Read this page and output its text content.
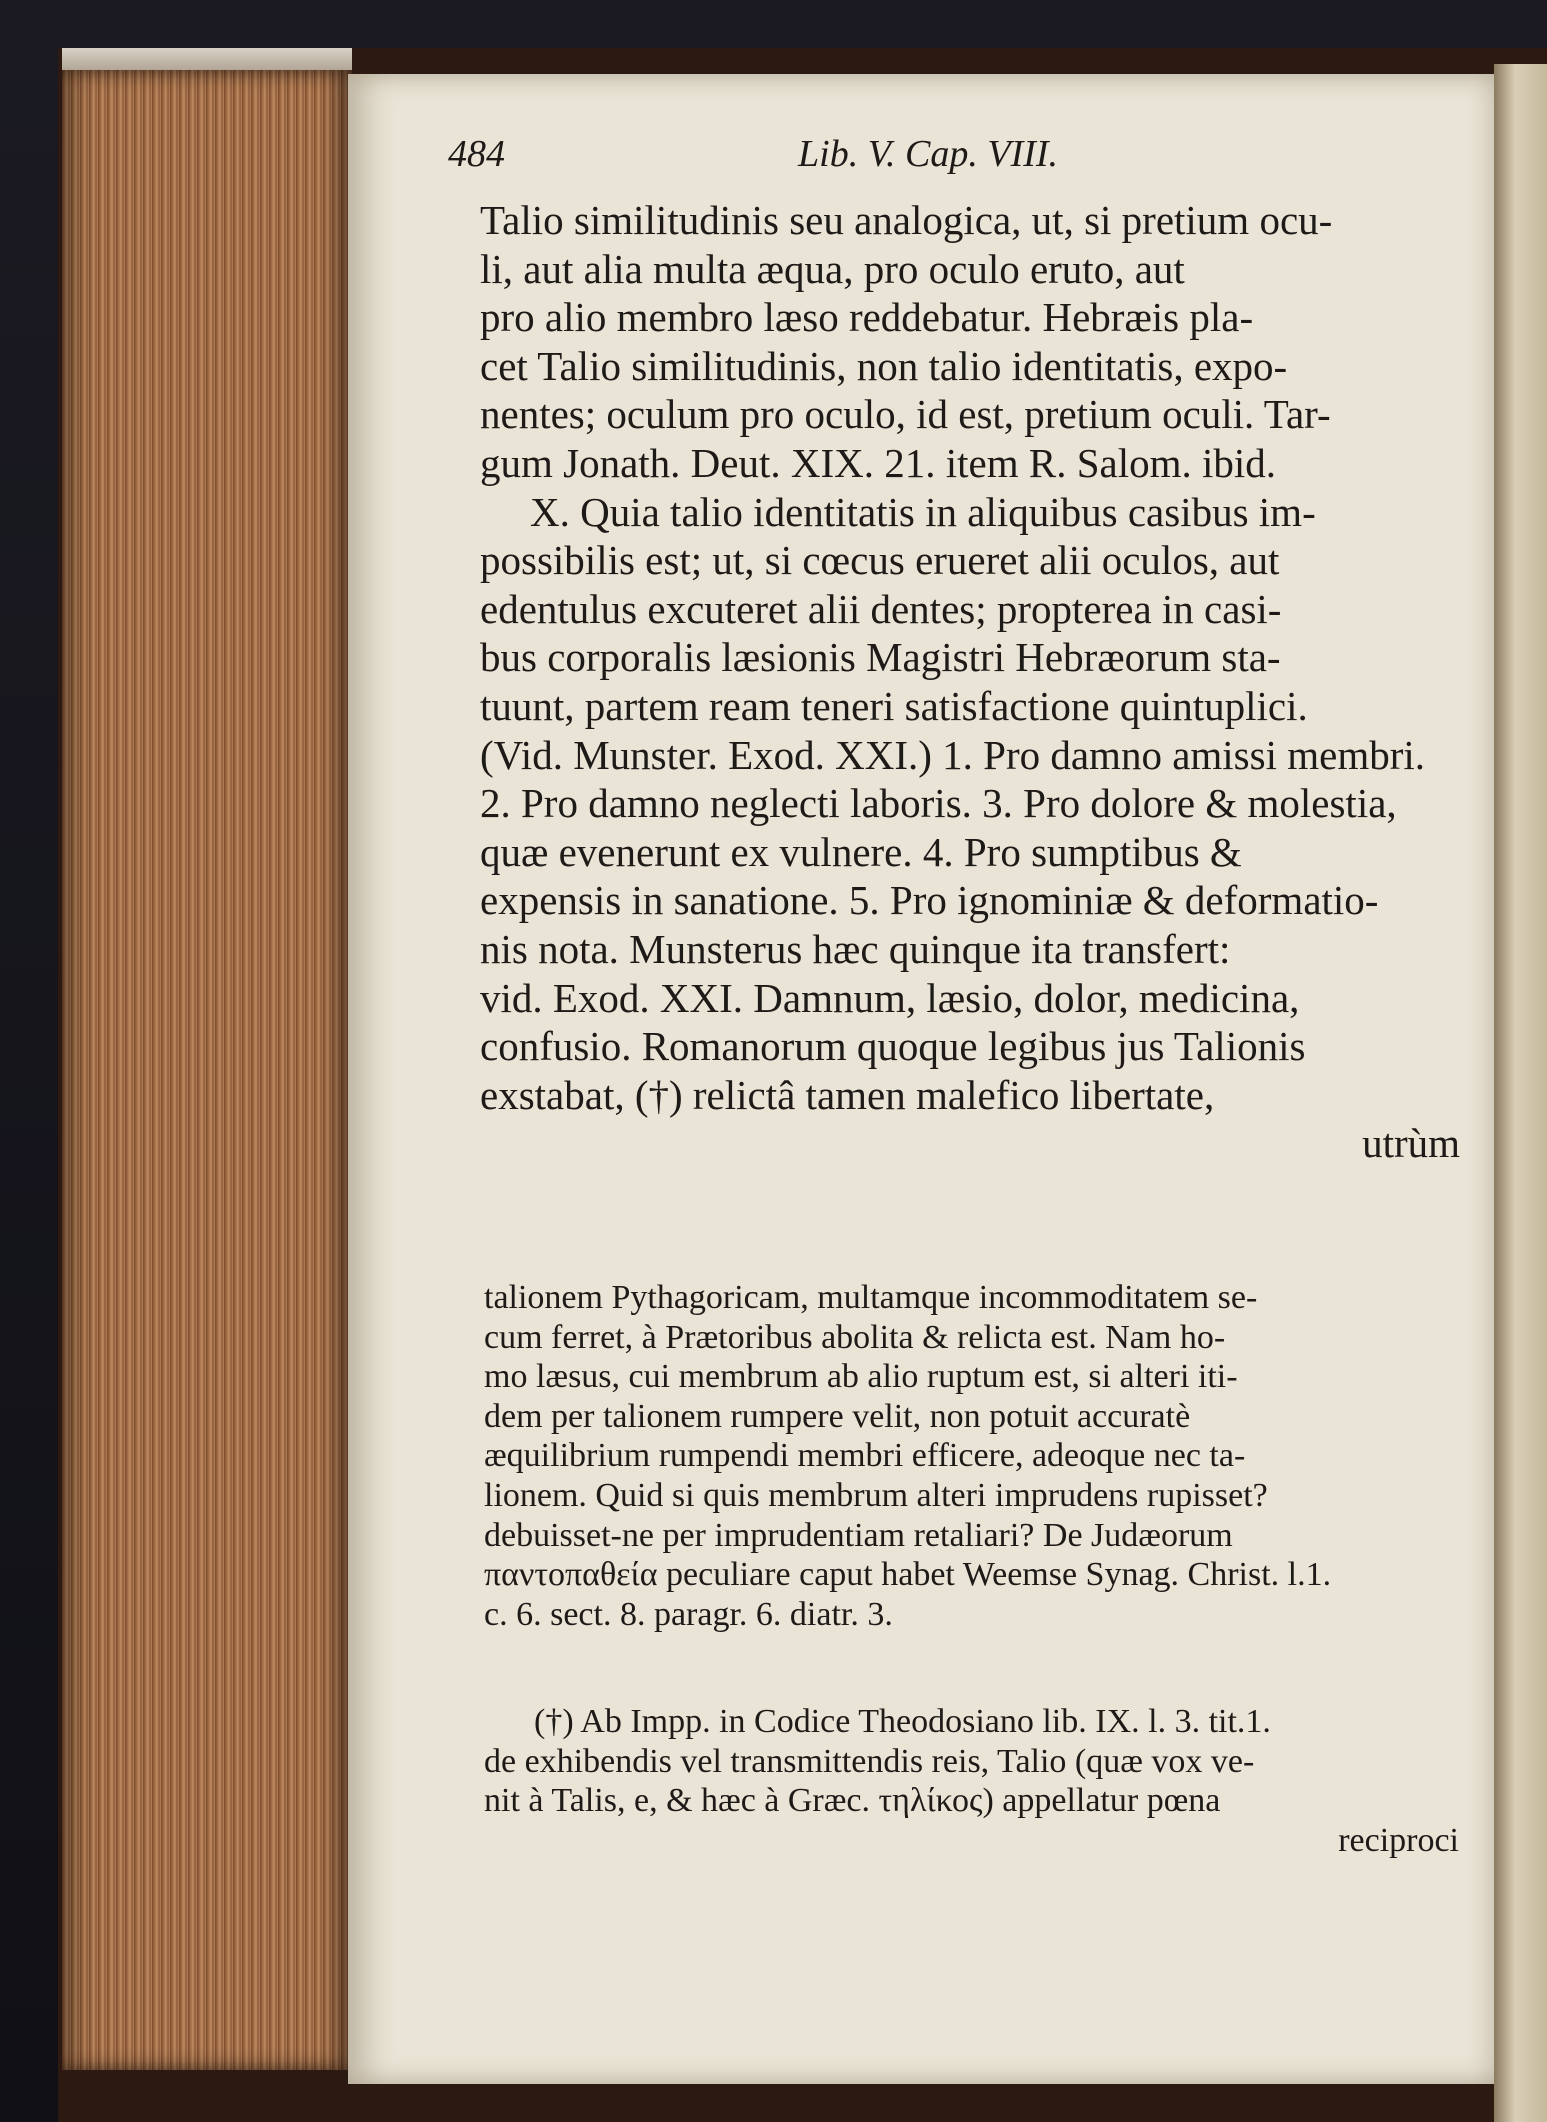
484	Lib. V. Cap. VIII.
Talio similitudinis seu analogica, ut, si pretium ocu-
li, aut alia multa æqua, pro oculo eruto, aut
pro alio membro læso reddebatur. Hebræis pla-
cet Talio similitudinis, non talio identitatis, expo-
nentes; oculum pro oculo, id est, pretium oculi. Tar-
gum Jonath. Deut. XIX. 21. item R. Salom. ibid.
X. Quia talio identitatis in aliquibus casibus im-
possibilis est; ut, si cœcus erueret alii oculos, aut
edentulus excuteret alii dentes; propterea in casi-
bus corporalis læsionis Magistri Hebræorum sta-
tuunt, partem ream teneri satisfactione quintuplici.
(Vid. Munster. Exod. XXI.) 1. Pro damno amissi membri.
2. Pro damno neglecti laboris. 3. Pro dolore & molestia,
quæ evenerunt ex vulnere. 4. Pro sumptibus &
expensis in sanatione. 5. Pro ignominiæ & deformatio-
nis nota. Munsterus hæc quinque ita transfert:
vid. Exod. XXI. Damnum, læsio, dolor, medicina,
confusio. Romanorum quoque legibus jus Talionis
exstabat, (†) relictâ tamen malefico libertate,
utrùm
talionem Pythagoricam, multamque incommoditatem se-
cum ferret, à Prætoribus abolita & relicta est. Nam ho-
mo læsus, cui membrum ab alio ruptum est, si alteri iti-
dem per talionem rumpere velit, non potuit accuratè
æquilibrium rumpendi membri efficere, adeoque nec ta-
lionem. Quid si quis membrum alteri imprudens rupisset?
debuisset-ne per imprudentiam retaliari? De Judæorum
παντοπαθεία peculiare caput habet Weemse Synag. Christ. l.1.
c. 6. sect. 8. paragr. 6. diatr. 3.
(†) Ab Impp. in Codice Theodosiano lib. IX. l. 3. tit.1.
de exhibendis vel transmittendis reis, Talio (quæ vox ve-
nit à Talis, e, & hæc à Græc. τηλίκος) appellatur pœna
reciproci
